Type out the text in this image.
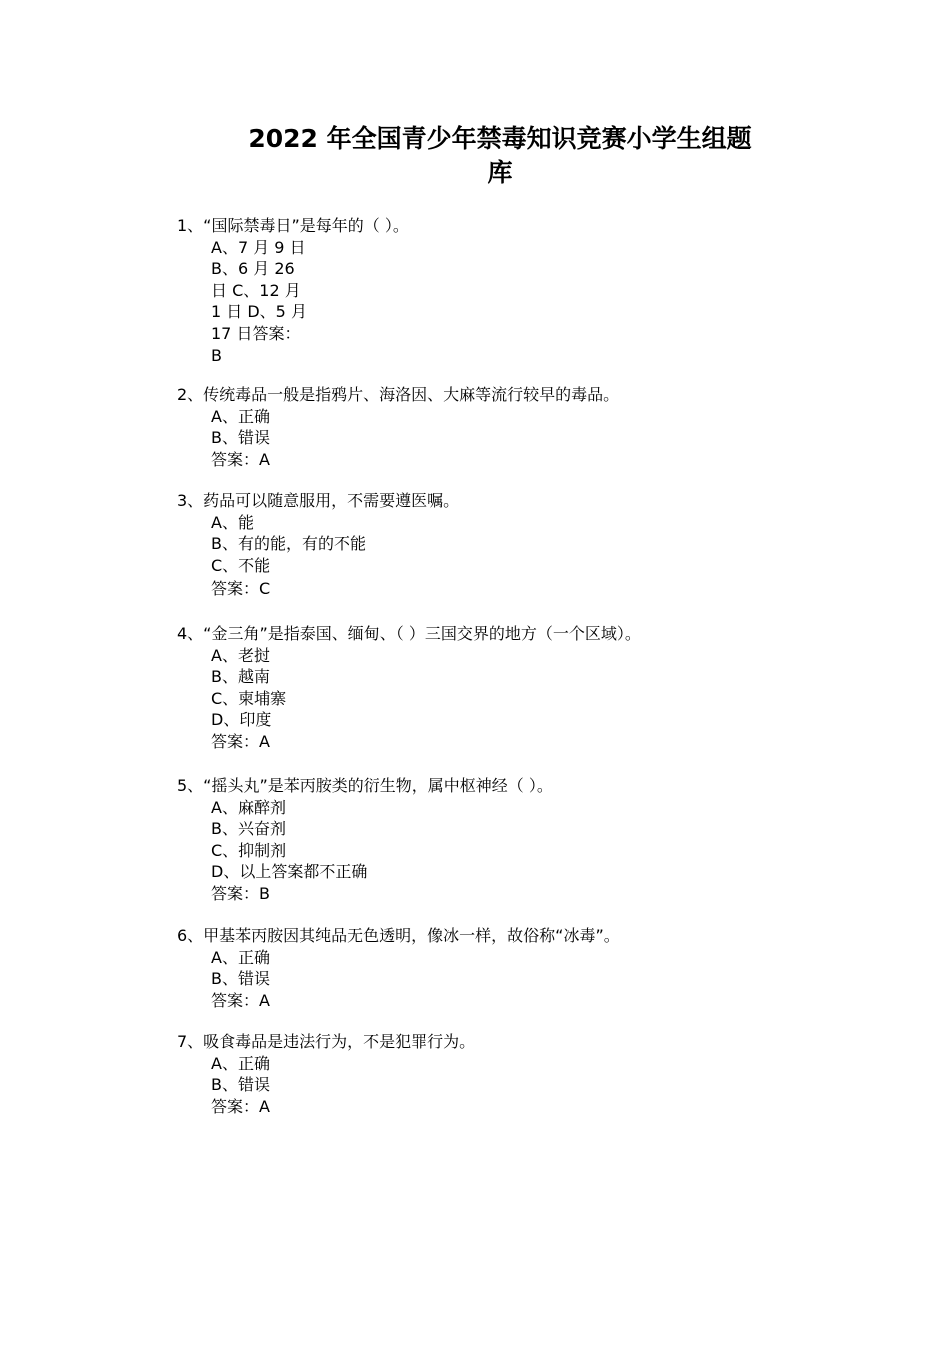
2022 年全国青少年禁毒知识竞赛小学生组题
库

1、“国际禁毒日”是每年的（ ）。

A、7 月 9 日

B、6 月 26

日 C、12 月

1 日 D、5 月

17 日答案：

B

2、传统毒品一般是指鸦片、海洛因、大麻等流行较早的毒品。

A、正确

B、错误

答案：A

3、药品可以随意服用，不需要遵医嘱。

A、能

B、有的能，有的不能

C、不能

答案：C

4、“金三角”是指泰国、缅甸、（ ）三国交界的地方（一个区域）。

A、老挝

B、越南

C、柬埔寨

D、印度

答案：A

5、“摇头丸”是苯丙胺类的衍生物，属中枢神经（ ）。

A、麻醉剂

B、兴奋剂

C、抑制剂

D、以上答案都不正确

答案：B

6、甲基苯丙胺因其纯品无色透明，像冰一样，故俗称“冰毒”。

A、正确

B、错误

答案：A

7、吸食毒品是违法行为，不是犯罪行为。

A、正确

B、错误

答案：A
